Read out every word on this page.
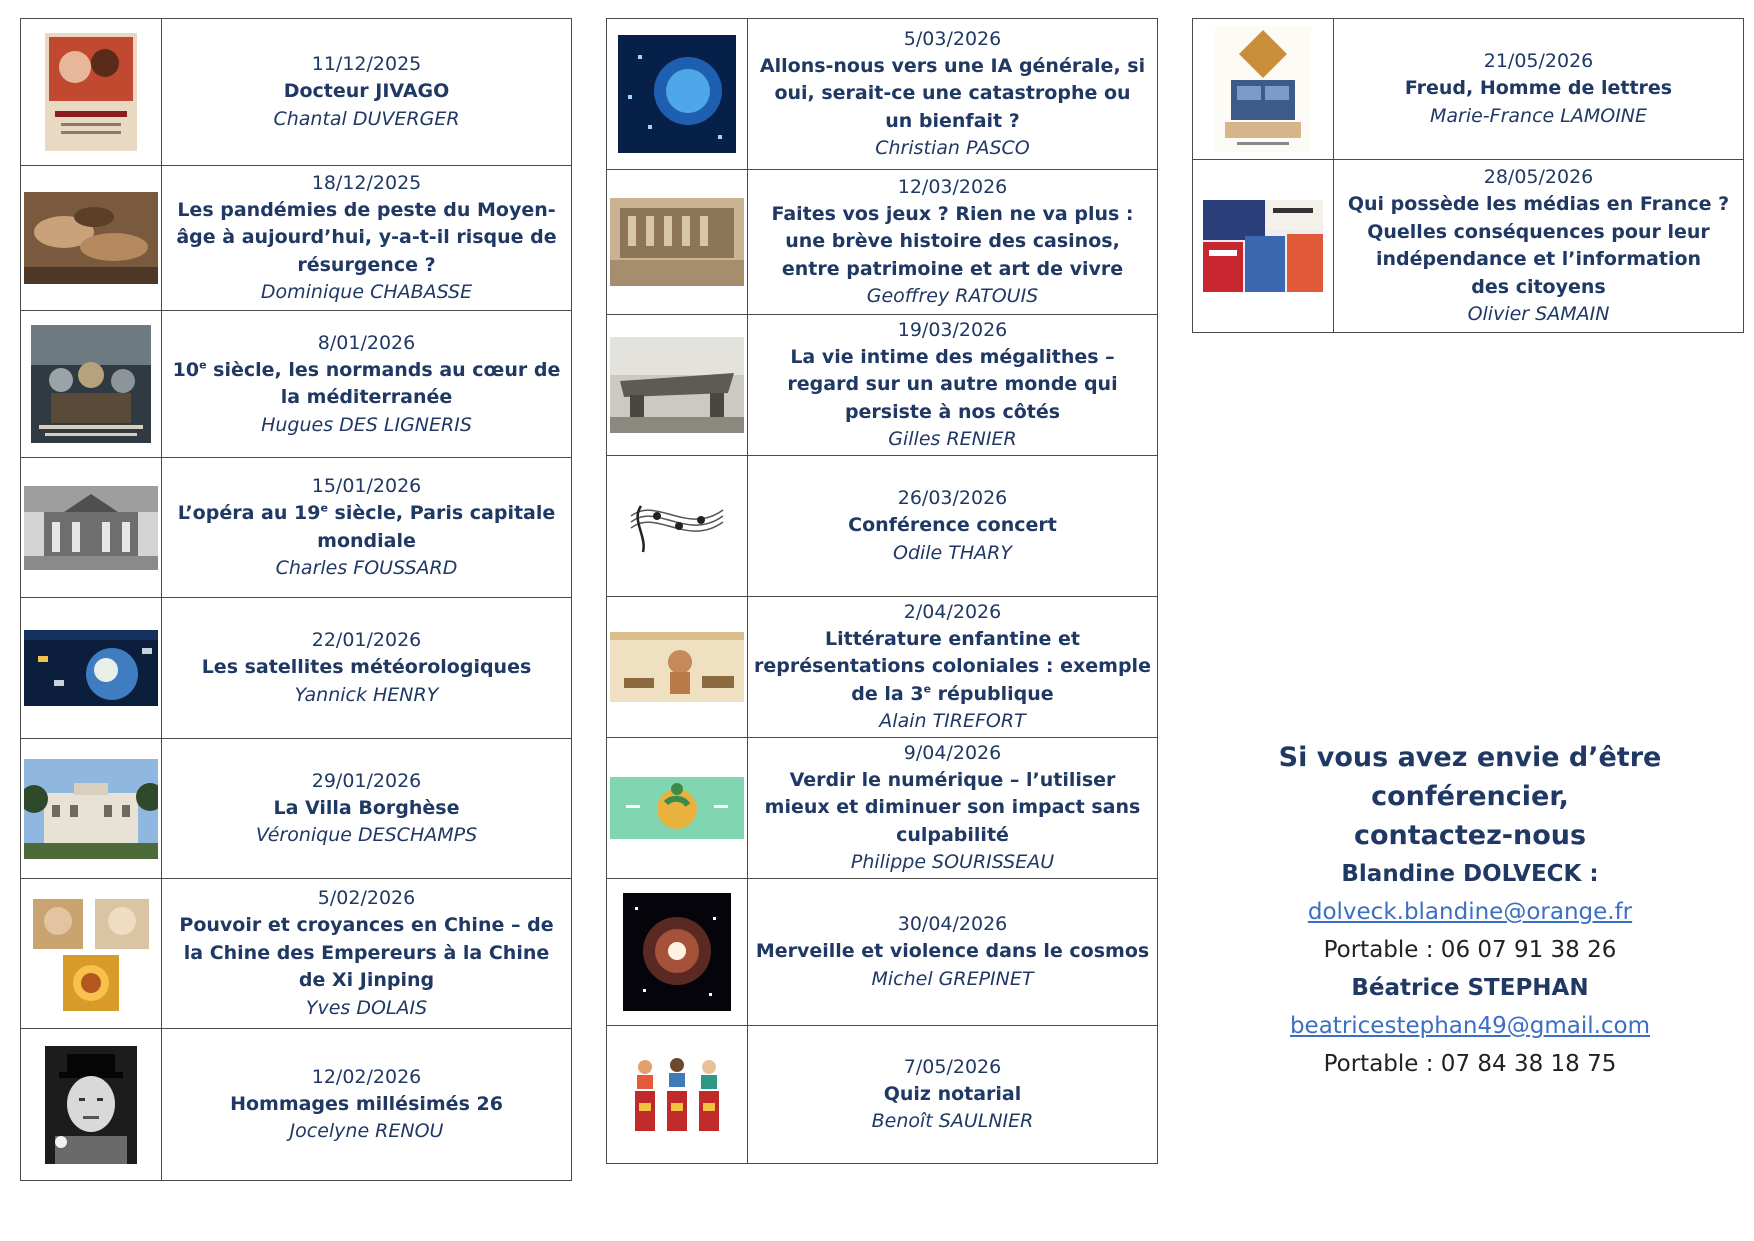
11/12/2025
Docteur JIVAGO
Chantal DUVERGER
18/12/2025
Les pandémies de peste du Moyen-âge à aujourd’hui, y-a-t-il risque de résurgence ?
Dominique CHABASSE
8/01/2026
10e siècle, les normands au cœur de la méditerranée
Hugues DES LIGNERIS
15/01/2026
L’opéra au 19e siècle, Paris capitale mondiale
Charles FOUSSARD
22/01/2026
Les satellites météorologiques
Yannick HENRY
29/01/2026
La Villa Borghèse
Véronique DESCHAMPS
5/02/2026
Pouvoir et croyances en Chine – de la Chine des Empereurs à la Chine de Xi Jinping
Yves DOLAIS
12/02/2026
Hommages millésimés 26
Jocelyne RENOU
5/03/2026
Allons-nous vers une IA générale, si oui, serait-ce une catastrophe ou
un bienfait ?
Christian PASCO
12/03/2026
Faites vos jeux ? Rien ne va plus : une brève histoire des casinos, entre patrimoine et art de vivre
Geoffrey RATOUIS
19/03/2026
La vie intime des mégalithes – regard sur un autre monde qui persiste à nos côtés
Gilles RENIER
26/03/2026
Conférence concert
Odile THARY
2/04/2026
Littérature enfantine et représentations coloniales : exemple de la 3e république
Alain TIREFORT
9/04/2026
Verdir le numérique – l’utiliser mieux et diminuer son impact sans culpabilité
Philippe SOURISSEAU
30/04/2026
Merveille et violence dans le cosmos
Michel GREPINET
7/05/2026
Quiz notarial
Benoît SAULNIER
21/05/2026
Freud, Homme de lettres
Marie-France LAMOINE
28/05/2026
Qui possède les médias en France ? Quelles conséquences pour leur indépendance et l’information
des citoyens
Olivier SAMAIN
Si vous avez envie d’être conférencier,
contactez-nous
Blandine DOLVECK :
dolveck.blandine@orange.fr
Portable : 06 07 91 38 26
Béatrice STEPHAN
beatricestephan49@gmail.com
Portable : 07 84 38 18 75
